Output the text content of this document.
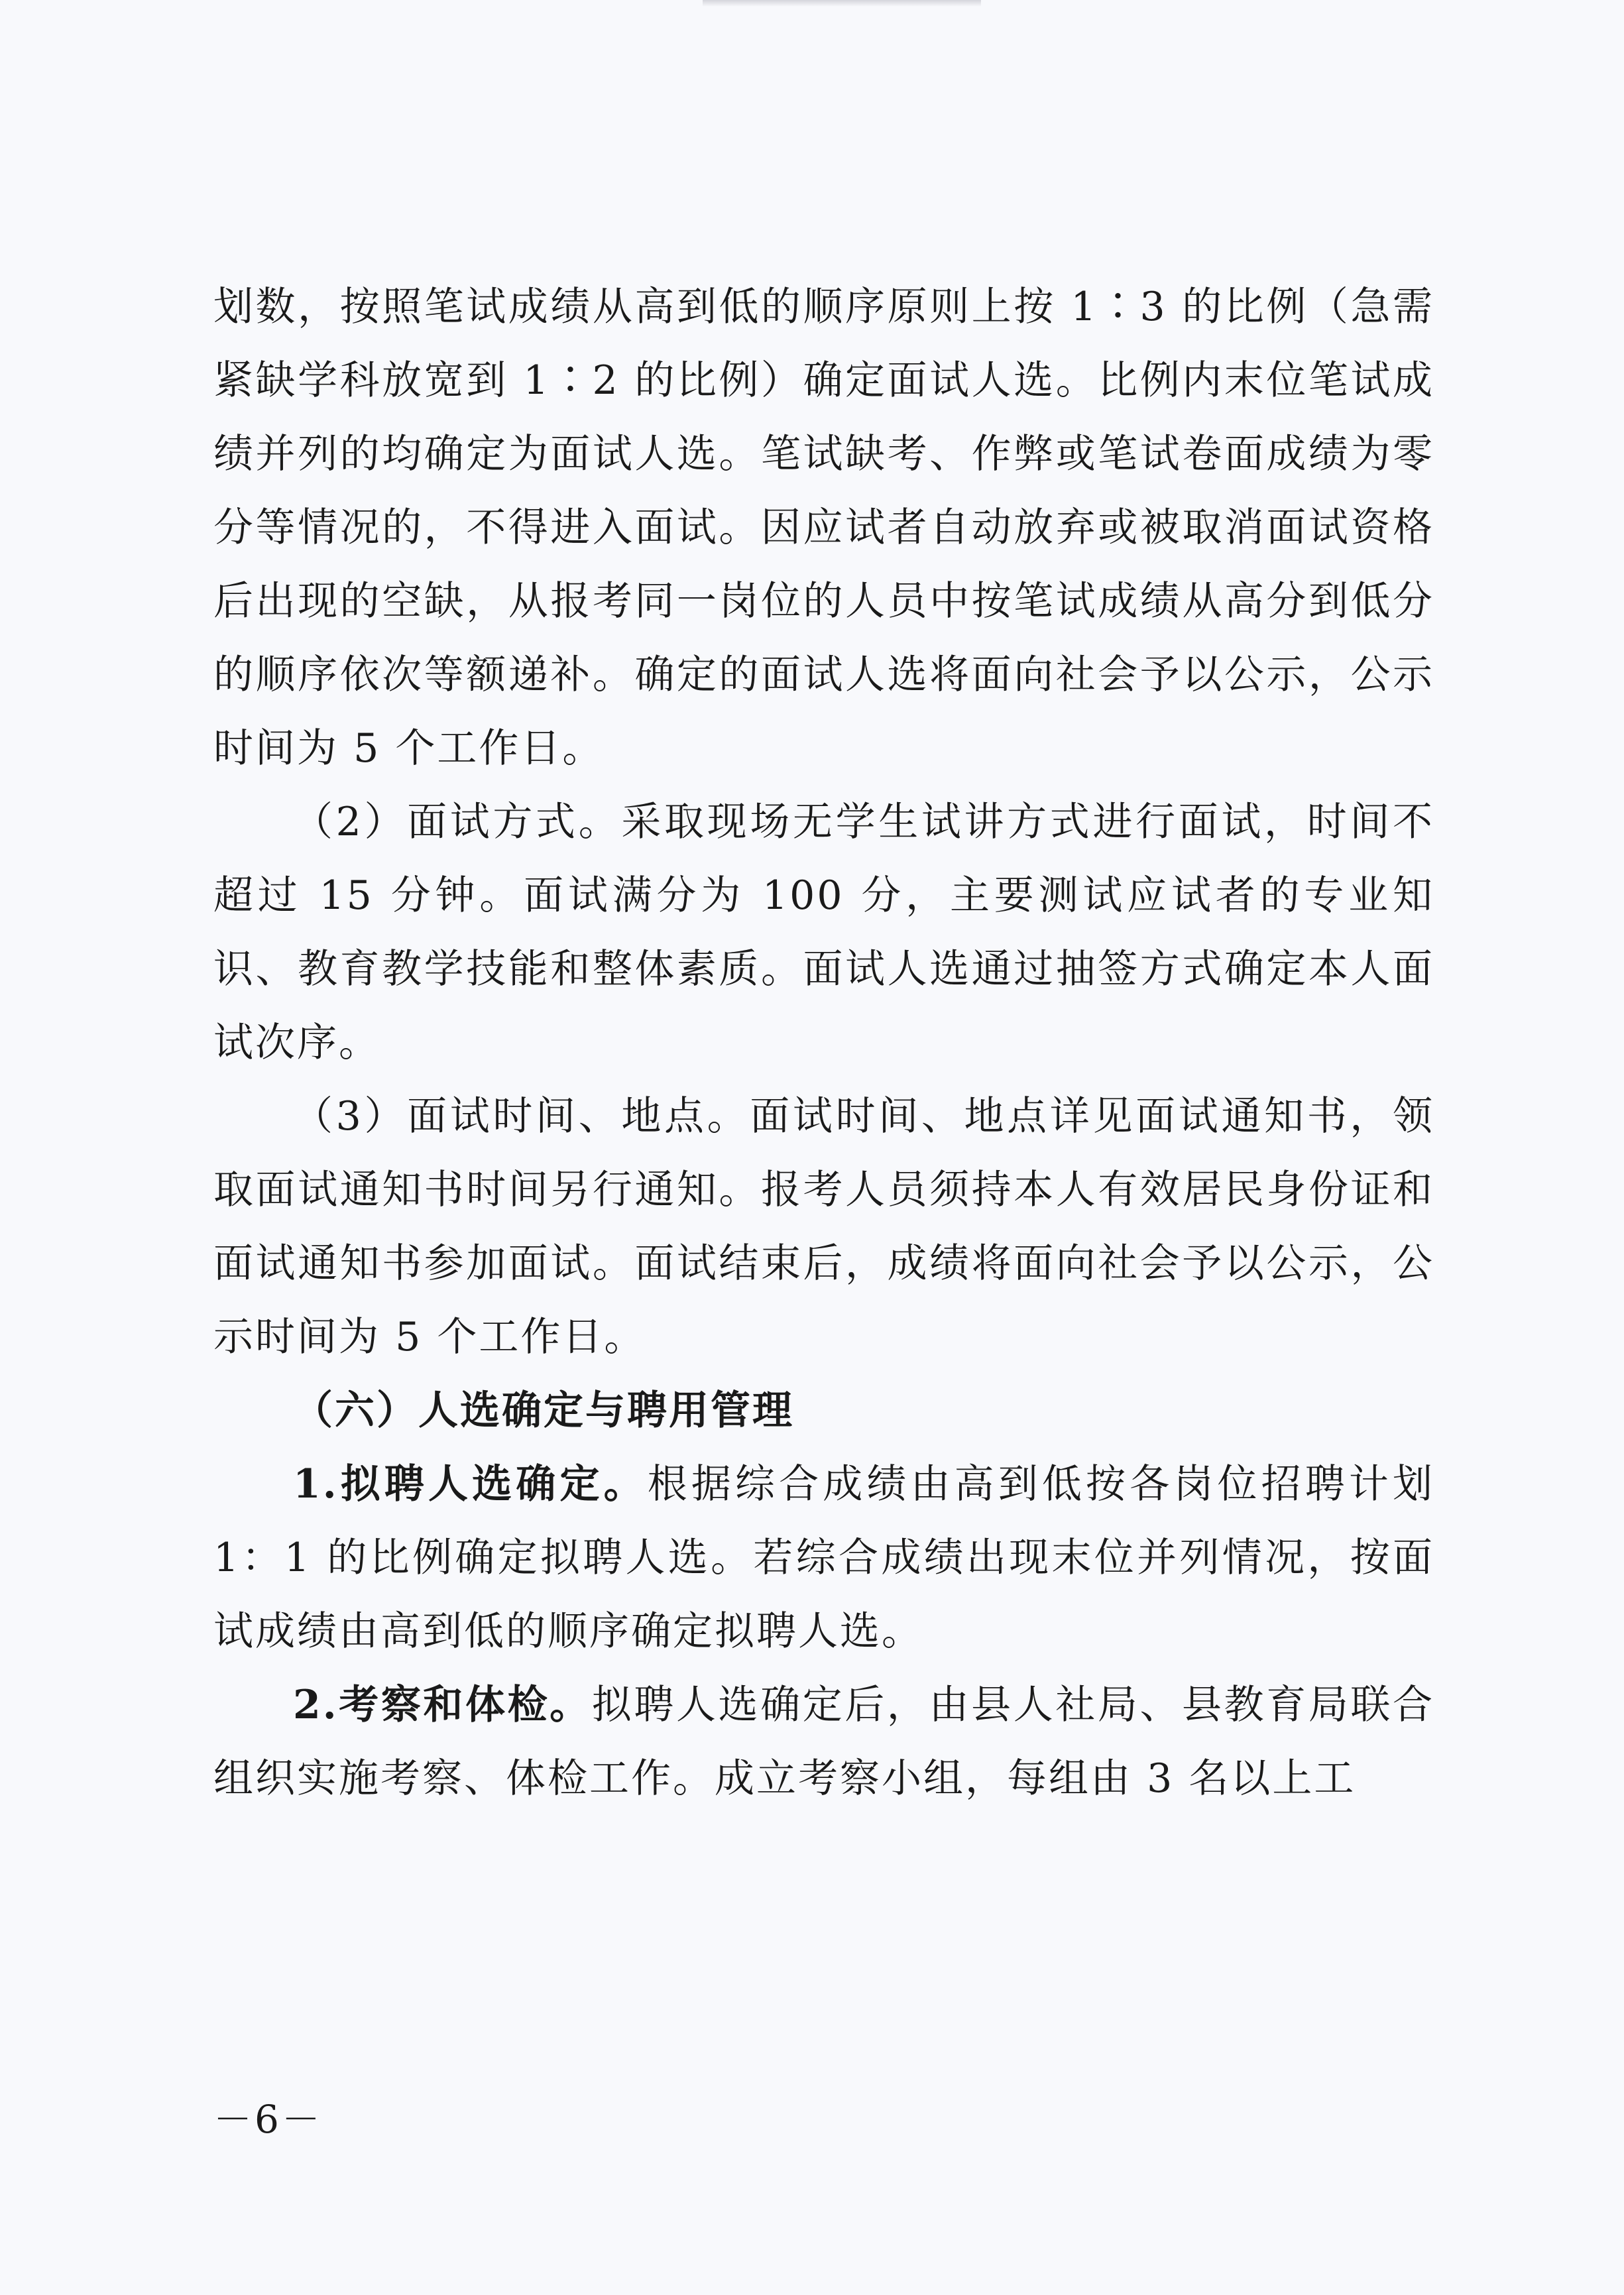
划数，按照笔试成绩从高到低的顺序原则上按 1∶3 的比例（急需紧缺学科放宽到 1∶2 的比例）确定面试人选。比例内末位笔试成绩并列的均确定为面试人选。笔试缺考、作弊或笔试卷面成绩为零分等情况的，不得进入面试。因应试者自动放弃或被取消面试资格后出现的空缺，从报考同一岗位的人员中按笔试成绩从高分到低分的顺序依次等额递补。确定的面试人选将面向社会予以公示，公示时间为 5 个工作日。

（2）面试方式。采取现场无学生试讲方式进行面试，时间不超过 15 分钟。面试满分为 100 分，主要测试应试者的专业知识、教育教学技能和整体素质。面试人选通过抽签方式确定本人面试次序。

（3）面试时间、地点。面试时间、地点详见面试通知书，领取面试通知书时间另行通知。报考人员须持本人有效居民身份证和面试通知书参加面试。面试结束后，成绩将面向社会予以公示，公示时间为 5 个工作日。

（六）人选确定与聘用管理

1.拟聘人选确定。根据综合成绩由高到低按各岗位招聘计划 1：1 的比例确定拟聘人选。若综合成绩出现末位并列情况，按面试成绩由高到低的顺序确定拟聘人选。

2.考察和体检。拟聘人选确定后，由县人社局、县教育局联合组织实施考察、体检工作。成立考察小组，每组由 3 名以上工

－6－
